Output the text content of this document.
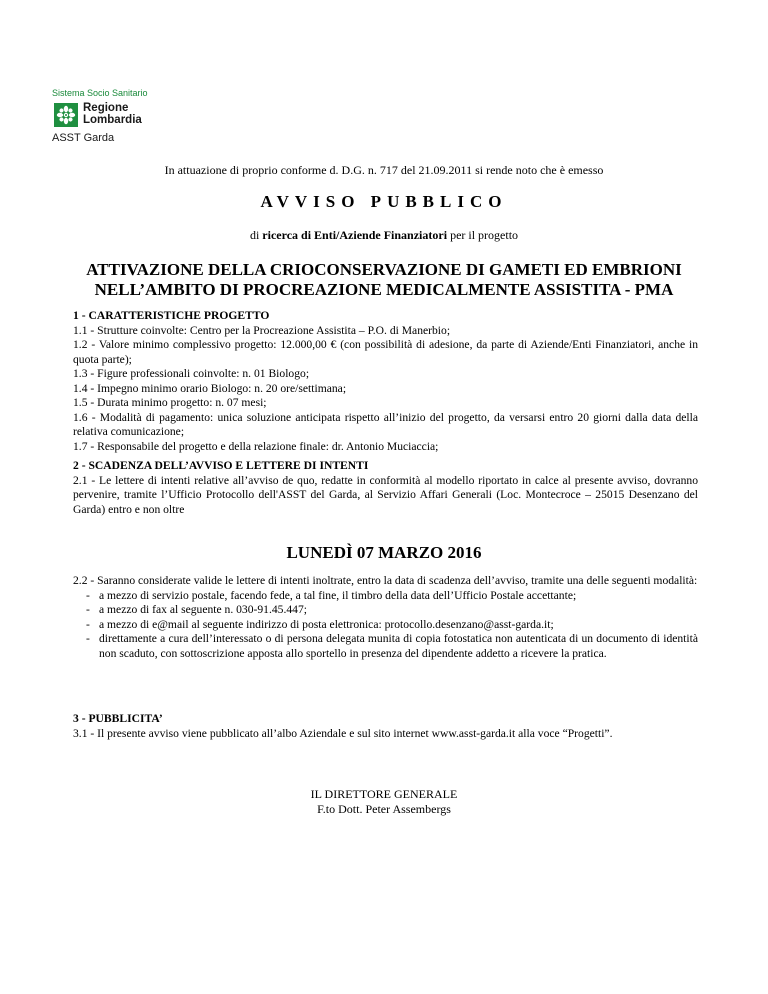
Sistema Socio Sanitario
Regione
Lombardia
ASST Garda
In attuazione di proprio conforme d. D.G. n. 717 del 21.09.2011 si rende noto che è emesso
AVVISO PUBBLICO
di ricerca di Enti/Aziende Finanziatori per il progetto
ATTIVAZIONE DELLA CRIOCONSERVAZIONE DI GAMETI ED EMBRIONI
NELL’AMBITO DI PROCREAZIONE MEDICALMENTE ASSISTITA - PMA

1 - CARATTERISTICHE PROGETTO

1.1 - Strutture coinvolte: Centro per la Procreazione Assistita – P.O. di Manerbio;

1.2 - Valore minimo complessivo progetto: 12.000,00 € (con possibilità di adesione, da parte di Aziende/Enti Finanziatori, anche in quota parte);

1.3 - Figure professionali coinvolte: n. 01 Biologo;

1.4 - Impegno minimo orario Biologo: n. 20 ore/settimana;

1.5 - Durata minimo progetto: n. 07 mesi;

1.6 - Modalità di pagamento: unica soluzione anticipata rispetto all’inizio del progetto, da versarsi entro 20 giorni dalla data della relativa comunicazione;

1.7 - Responsabile del progetto e della relazione finale: dr. Antonio Muciaccia;

2 - SCADENZA DELL’AVVISO E LETTERE DI INTENTI

2.1 - Le lettere di intenti relative all’avviso de quo, redatte in conformità al modello riportato in calce al presente avviso, dovranno pervenire, tramite l’Ufficio Protocollo dell'ASST del Garda, al Servizio Affari Generali (Loc. Montecroce – 25015 Desenzano del Garda) entro e non oltre

LUNEDÌ 07 MARZO 2016

2.2 - Saranno considerate valide le lettere di intenti inoltrate, entro la data di scadenza dell’avviso, tramite una delle seguenti modalità:

- a mezzo di servizio postale, facendo fede, a tal fine, il timbro della data dell’Ufficio Postale accettante;
- a mezzo di fax al seguente n. 030-91.45.447;
- a mezzo di e@mail al seguente indirizzo di posta elettronica: protocollo.desenzano@asst-garda.it;
- direttamente a cura dell’interessato o di persona delegata munita di copia fotostatica non autenticata di un documento di identità non scaduto, con sottoscrizione apposta allo sportello in presenza del dipendente addetto a ricevere la pratica.

3 - PUBBLICITA’

3.1 - Il presente avviso viene pubblicato all’albo Aziendale e sul sito internet www.asst-garda.it alla voce “Progetti”.

IL DIRETTORE GENERALE
F.to Dott. Peter Assembergs
